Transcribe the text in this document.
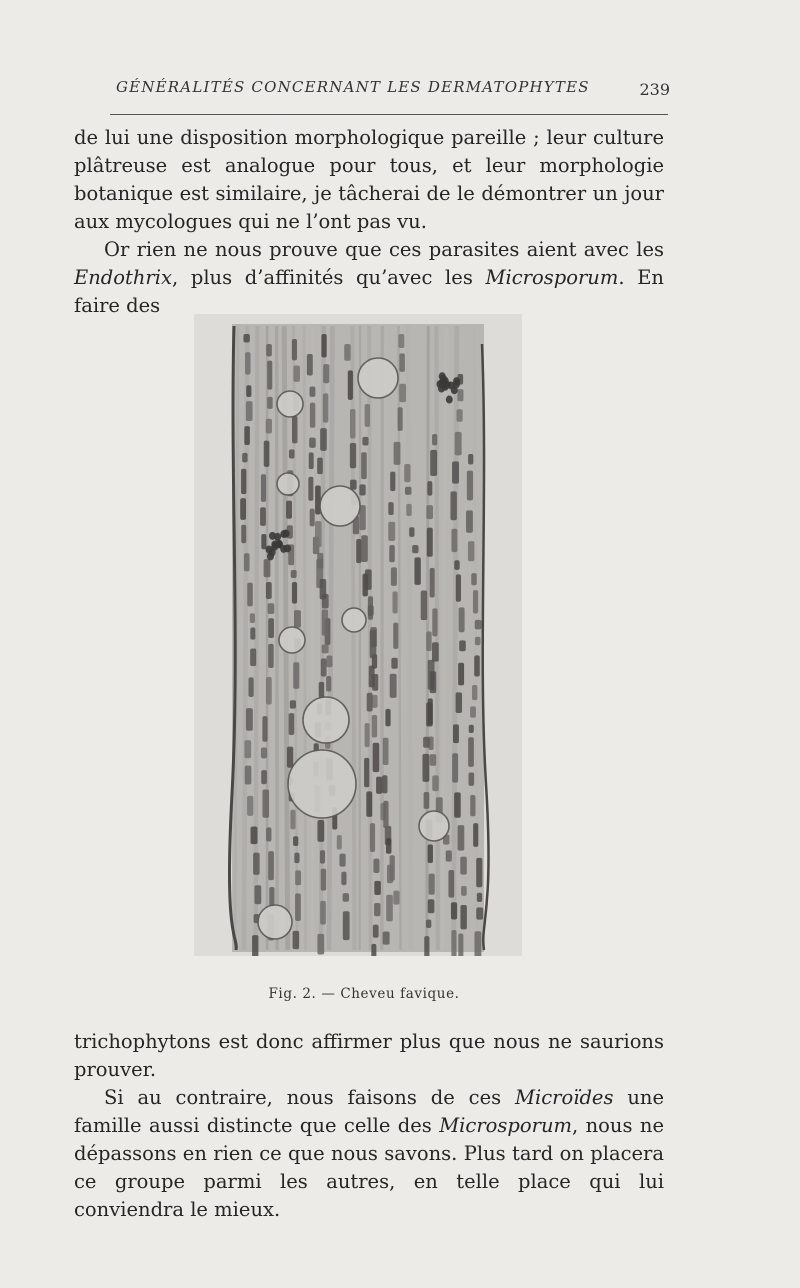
GÉNÉRALITÉS CONCERNANT LES DERMATOPHYTES	239

de lui une disposition morphologique pareille ; leur culture plâtreuse est analogue pour tous, et leur morphologie botanique est similaire, je tâcherai de le démontrer un jour aux mycologues qui ne l’ont pas vu.

Or rien ne nous prouve que ces parasites aient avec les Endothrix, plus d’affinités qu’avec les Microsporum. En faire des

Fig. 2. — Cheveu favique.

trichophytons est donc affirmer plus que nous ne saurions prouver.

Si au contraire, nous faisons de ces Microïdes une famille aussi distincte que celle des Microsporum, nous ne dépassons en rien ce que nous savons. Plus tard on placera ce groupe parmi les autres, en telle place qui lui conviendra le mieux.
